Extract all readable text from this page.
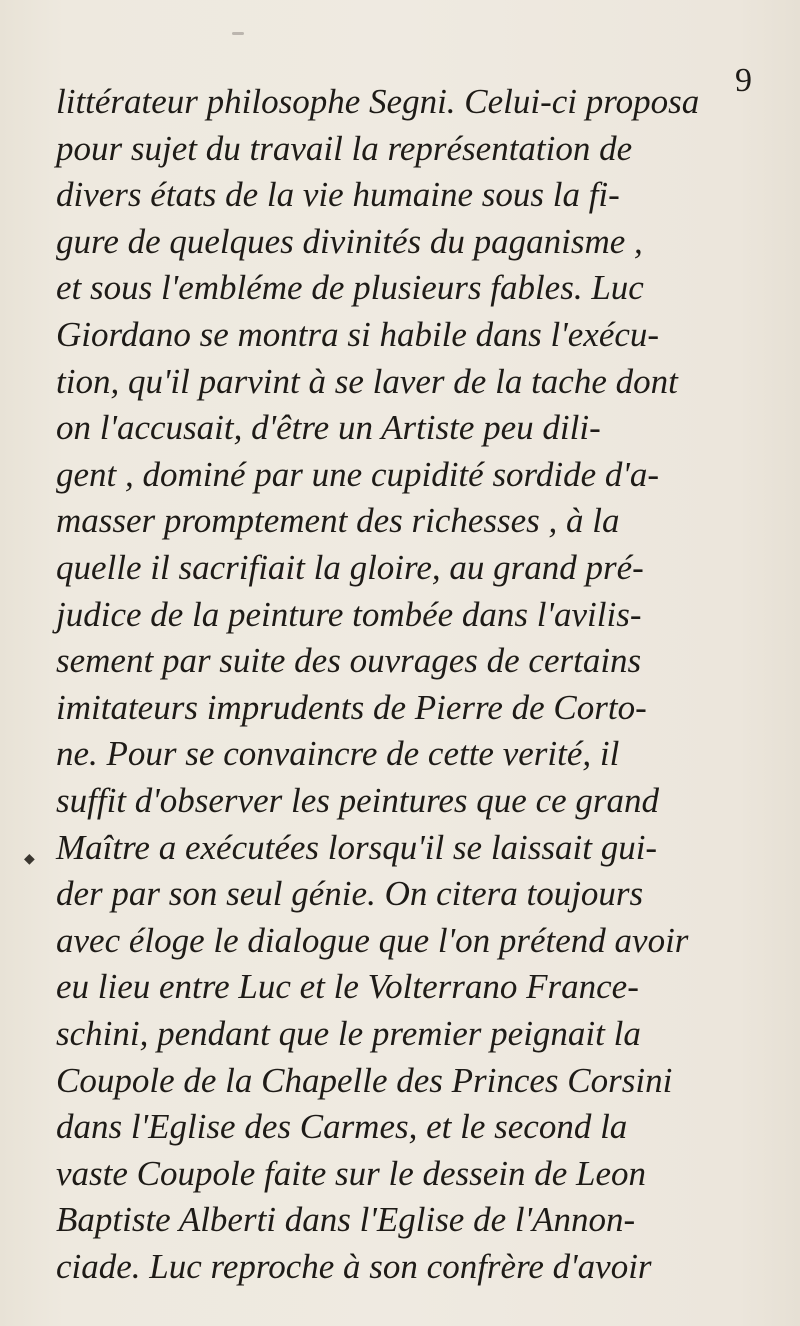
9
◆
littérateur philosophe Segni. Celui-ci proposa
pour sujet du travail la représentation de
divers états de la vie humaine sous la fi-
gure de quelques divinités du paganisme ,
et sous l'embléme de plusieurs fables. Luc
Giordano se montra si habile dans l'exécu-
tion, qu'il parvint à se laver de la tache dont
on l'accusait, d'être un Artiste peu dili-
gent , dominé par une cupidité sordide d'a-
masser promptement des richesses , à la
quelle il sacrifiait la gloire, au grand pré-
judice de la peinture tombée dans l'avilis-
sement par suite des ouvrages de certains
imitateurs imprudents de Pierre de Corto-
ne. Pour se convaincre de cette verité, il
suffit d'observer les peintures que ce grand
Maître a exécutées lorsqu'il se laissait gui-
der par son seul génie. On citera toujours
avec éloge le dialogue que l'on prétend avoir
eu lieu entre Luc et le Volterrano France-
schini, pendant que le premier peignait la
Coupole de la Chapelle des Princes Corsini
dans l'Eglise des Carmes, et le second la
vaste Coupole faite sur le dessein de Leon
Baptiste Alberti dans l'Eglise de l'Annon-
ciade. Luc reproche à son confrère d'avoir
